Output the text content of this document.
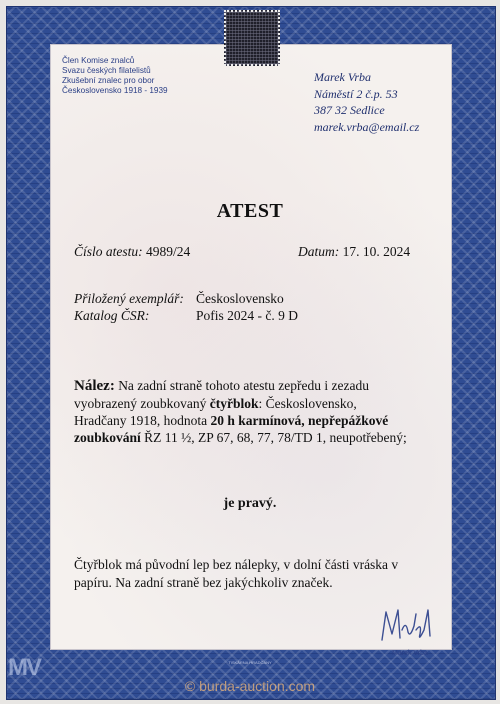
Člen Komise znalců
Svazu českých filatelistů
Zkušební znalec pro obor
Československo 1918 - 1939
Marek Vrba
Náměstí 2 č.p. 53
387 32 Sedlice
marek.vrba@email.cz
ATEST
Číslo atestu: 4989/24	Datum: 17. 10. 2024
Přiložený exemplář: Československo
Katalog ČSR:	Pofis 2024 - č. 9 D
Nález: Na zadní straně tohoto atestu zepředu i zezadu
vyobrazený zoubkovaný čtyřblok: Československo,
Hradčany 1918, hodnota 20 h karmínová, nepřepážkové
zoubkování ŘZ 11 ½, ZP 67, 68, 77, 78/TD 1, neupotřebený;
je pravý.
Čtyřblok má původní lep bez nálepky, v dolní části vráska v
papíru. Na zadní straně bez jakýchkoliv značek.
Marek Vrba
MV	TISKÁRNA HRADČANY
© burda-auction.com
